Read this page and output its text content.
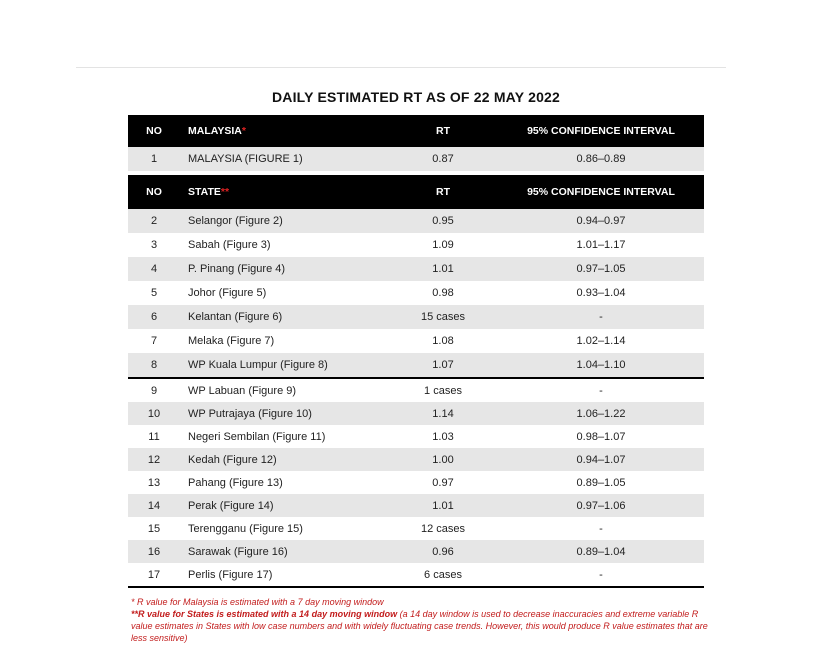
DAILY ESTIMATED RT AS OF 22 MAY 2022
NO	MALAYSIA*	RT	95% CONFIDENCE INTERVAL
1	MALAYSIA (FIGURE 1)	0.87	0.86–0.89
NO	STATE**	RT	95% CONFIDENCE INTERVAL
2	Selangor (Figure 2)	0.95	0.94–0.97
3	Sabah (Figure 3)	1.09	1.01–1.17
4	P. Pinang (Figure 4)	1.01	0.97–1.05
5	Johor (Figure 5)	0.98	0.93–1.04
6	Kelantan (Figure 6)	15 cases	-
7	Melaka (Figure 7)	1.08	1.02–1.14
8	WP Kuala Lumpur (Figure 8)	1.07	1.04–1.10
9	WP Labuan (Figure 9)	1 cases	-
10	WP Putrajaya (Figure 10)	1.14	1.06–1.22
11	Negeri Sembilan (Figure 11)	1.03	0.98–1.07
12	Kedah (Figure 12)	1.00	0.94–1.07
13	Pahang (Figure 13)	0.97	0.89–1.05
14	Perak (Figure 14)	1.01	0.97–1.06
15	Terengganu (Figure 15)	12 cases	-
16	Sarawak (Figure 16)	0.96	0.89–1.04
17	Perlis (Figure 17)	6 cases	-
* R value for Malaysia is estimated with a 7 day moving window
**R value for States is estimated with a 14 day moving window (a 14 day window is used to decrease inaccuracies and extreme variable R value estimates in States with low case numbers and with widely fluctuating case trends. However, this would produce R value estimates that are less sensitive)
